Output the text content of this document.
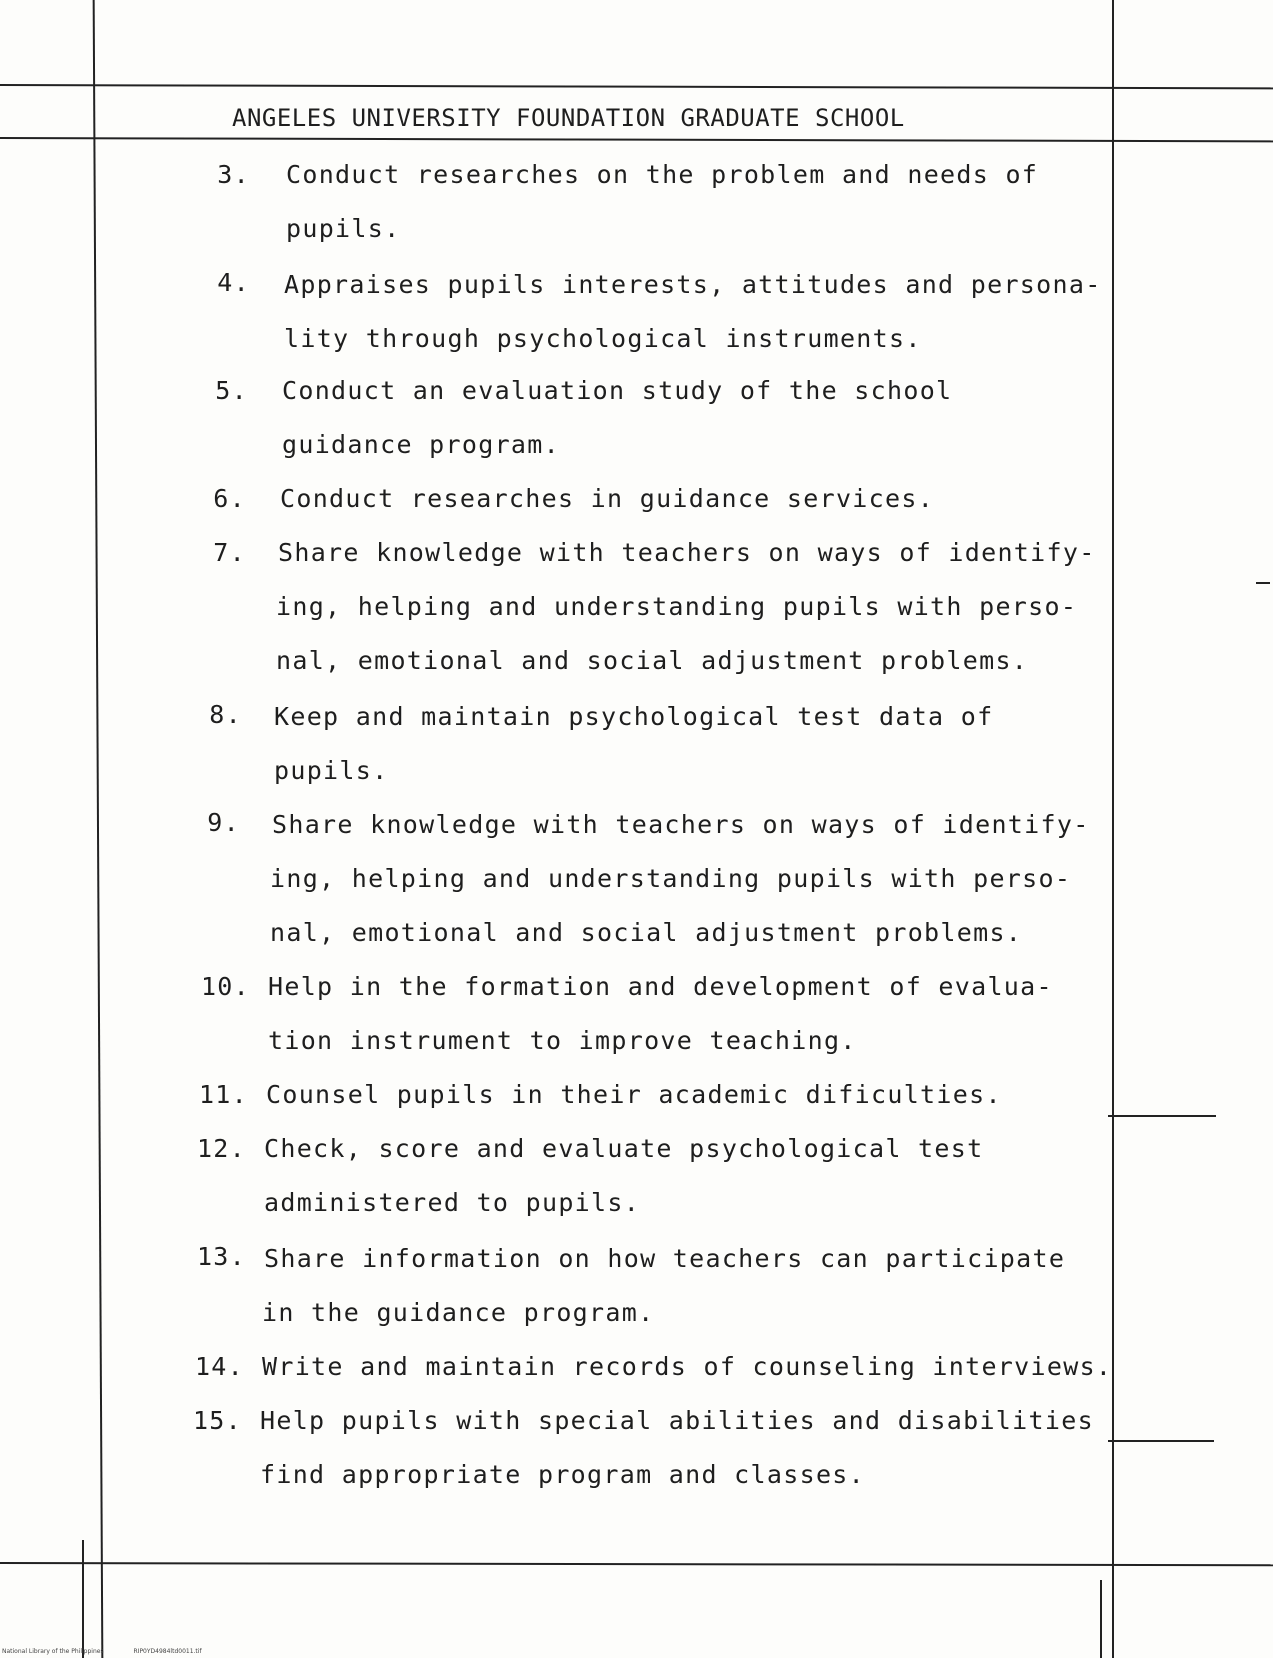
ANGELES UNIVERSITY FOUNDATION GRADUATE SCHOOL
3. Conduct researches on the problem and needs of
pupils.
4. Appraises pupils interests, attitudes and persona-
lity through psychological instruments.
5. Conduct an evaluation study of the school
guidance program.
6. Conduct researches in guidance services.
7. Share knowledge with teachers on ways of identify-
ing, helping and understanding pupils with perso-
nal, emotional and social adjustment problems.
8. Keep and maintain psychological test data of
pupils.
9. Share knowledge with teachers on ways of identify-
ing, helping and understanding pupils with perso-
nal, emotional and social adjustment problems.
10. Help in the formation and development of evalua-
tion instrument to improve teaching.
11. Counsel pupils in their academic dificulties.
12. Check, score and evaluate psychological test
administered to pupils.
13. Share information on how teachers can participate
in the guidance program.
14. Write and maintain records of counseling interviews.
15. Help pupils with special abilities and disabilities
find appropriate program and classes.
National Library of the Philippines	RIP0YD4984ltd0011.tif
